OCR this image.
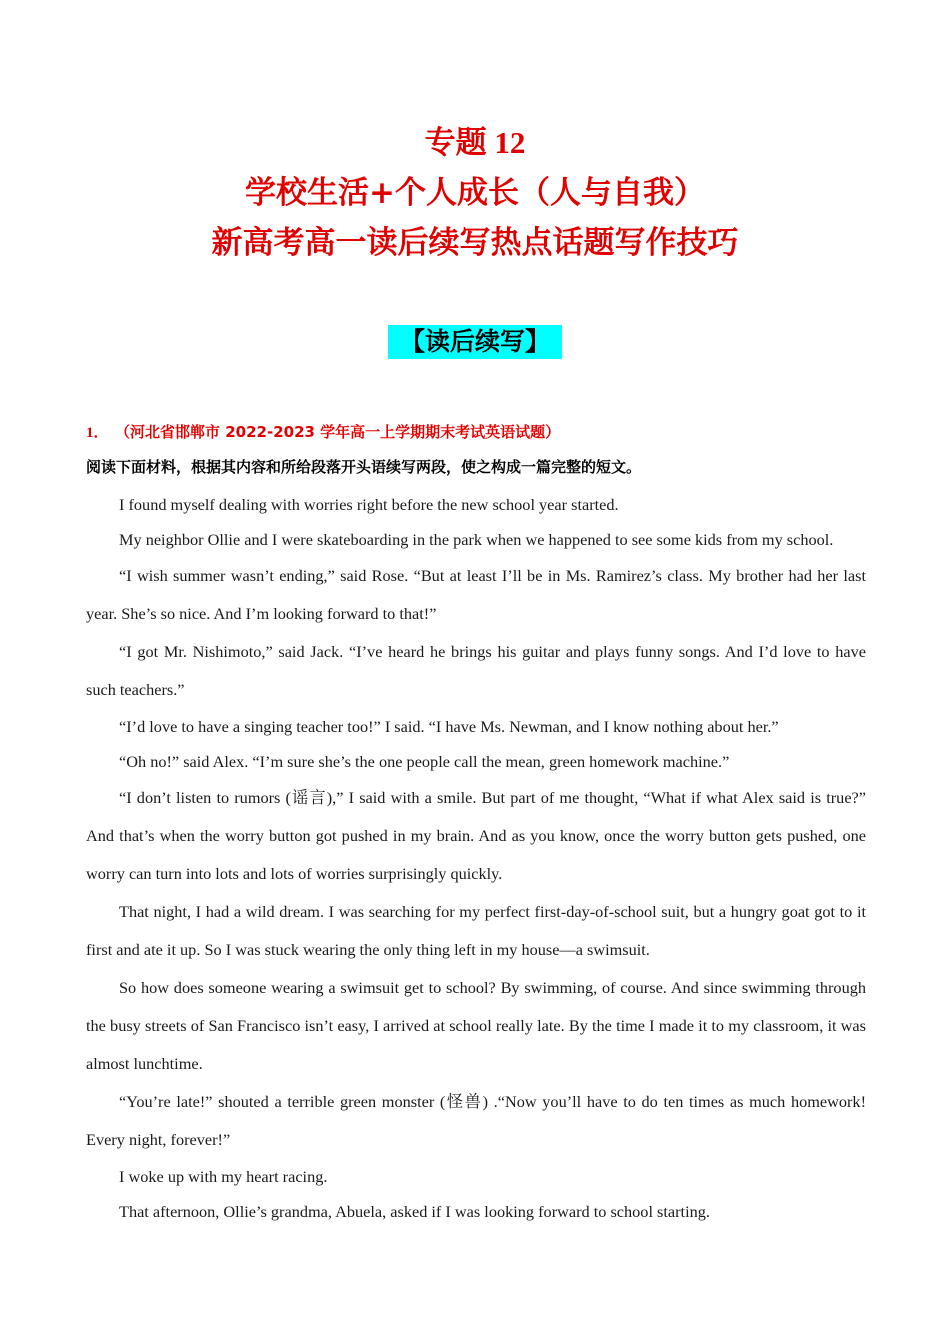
专题 12
学校生活+个人成长（人与自我）
新高考高一读后续写热点话题写作技巧
【读后续写】
1． （河北省邯郸市 2022-2023 学年高一上学期期末考试英语试题）
阅读下面材料，根据其内容和所给段落开头语续写两段，使之构成一篇完整的短文。

I found myself dealing with worries right before the new school year started.

My neighbor Ollie and I were skateboarding in the park when we happened to see some kids from my school.

“I wish summer wasn’t ending,” said Rose. “But at least I’ll be in Ms. Ramirez’s class. My brother had her last year. She’s so nice. And I’m looking forward to that!”

“I got Mr. Nishimoto,” said Jack. “I’ve heard he brings his guitar and plays funny songs. And I’d love to have such teachers.”

“I’d love to have a singing teacher too!” I said. “I have Ms. Newman, and I know nothing about her.”

“Oh no!” said Alex. “I’m sure she’s the one people call the mean, green homework machine.”

“I don’t listen to rumors (谣言),” I said with a smile. But part of me thought, “What if what Alex said is true?” And that’s when the worry button got pushed in my brain. And as you know, once the worry button gets pushed, one worry can turn into lots and lots of worries surprisingly quickly.

That night, I had a wild dream. I was searching for my perfect first-day-of-school suit, but a hungry goat got to it first and ate it up. So I was stuck wearing the only thing left in my house—a swimsuit.

So how does someone wearing a swimsuit get to school? By swimming, of course. And since swimming through the busy streets of San Francisco isn’t easy, I arrived at school really late. By the time I made it to my classroom, it was almost lunchtime.

“You’re late!” shouted a terrible green monster (怪兽) .“Now you’ll have to do ten times as much homework! Every night, forever!”

I woke up with my heart racing.

That afternoon, Ollie’s grandma, Abuela, asked if I was looking forward to school starting.
